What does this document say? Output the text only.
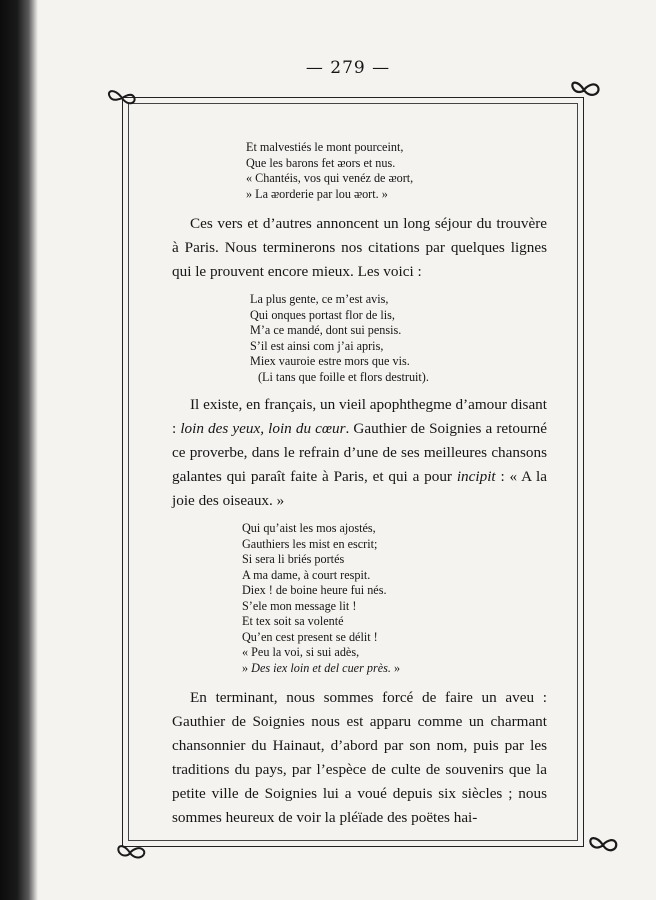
— 279 —
Et malvestiés le mont pourceint,
Que les barons fet ᴂors et nus.
« Chantéis, vos qui venéz de ᴂort,
» La ᴂorderie par lou ᴂort. »

Ces vers et d’autres annoncent un long séjour du trouvère à Paris. Nous terminerons nos citations par quelques lignes qui le prouvent encore mieux. Les voici :

La plus gente, ce m’est avis,
Qui onques portast flor de lis,
M’a ce mandé, dont sui pensis.
S’il est ainsi com j’ai apris,
Miex vauroie estre mors que vis.
(Li tans que foille et flors destruit).

Il existe, en français, un vieil apophthegme d’amour disant : loin des yeux, loin du cœur. Gauthier de Soignies a retourné ce proverbe, dans le refrain d’une de ses meilleures chansons galantes qui paraît faite à Paris, et qui a pour incipit : « A la joie des oiseaux. »

Qui qu’aist les mos ajostés,
Gauthiers les mist en escrit;
Si sera li briés portés
A ma dame, à court respit.
Diex ! de boine heure fui nés.
S’ele mon message lit !
Et tex soit sa volenté
Qu’en cest present se délit !
« Peu la voi, si sui adès,
» Des iex loin et del cuer près. »

En terminant, nous sommes forcé de faire un aveu : Gauthier de Soignies nous est apparu comme un charmant chansonnier du Hainaut, d’abord par son nom, puis par les traditions du pays, par l’espèce de culte de souvenirs que la petite ville de Soignies lui a voué depuis six siècles ; nous sommes heureux de voir la pléïade des poëtes hai-
